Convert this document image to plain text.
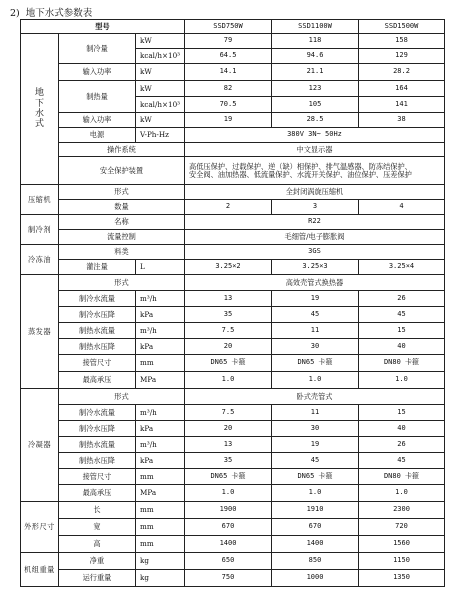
2) 地下水式参数表
型号			SSD750W	SSD1100W	SSD1500W
地下水式	制冷量	kW	79	118	158
		kcal/h×10³	64.5	94.6	129
	输入功率	kW	14.1	21.1	28.2
	制热量	kW	82	123	164
		kcal/h×10³	70.5	105	141
	输入功率	kW	19	28.5	38
	电源	V-Ph-Hz	380V 3N~ 50Hz		
	操作系统		中文显示器		
	安全保护装置		高低压保护、过载保护、逆（缺）相保护、排气温感器、防冻结保护、
安全阀、油加热器、低流量保护、水流开关保护、油位保护、压差保护		

压缩机	形式		全封闭涡旋压缩机		
	数量		2	3	4
制冷剂	名称		R22		
	流量控制		毛细管/电子膨胀阀		
冷冻油	料类		3GS		
	灌注量	L	3.25×2	3.25×3	3.25×4
蒸发器	形式		高效壳管式换热器		
	制冷水流量	m³/h	13	19	26
	制冷水压降	kPa	35	45	45
	制热水流量	m³/h	7.5	11	15
	制热水压降	kPa	20	30	40
	接管尺寸	mm	DN65 卡箍	DN65 卡箍	DN80 卡箍
	最高承压	MPa	1.0	1.0	1.0
冷凝器	形式		卧式壳管式		
	制冷水流量	m³/h	7.5	11	15
	制冷水压降	kPa	20	30	40
	制热水流量	m³/h	13	19	26
	制热水压降	kPa	35	45	45
	接管尺寸	mm	DN65 卡箍	DN65 卡箍	DN80 卡箍
	最高承压	MPa	1.0	1.0	1.0
外形尺寸	长	mm	1900	1910	2300
	宽	mm	670	670	720
	高	mm	1400	1400	1560
机组重量	净重	kg	650	850	1150
	运行重量	kg	750	1000	1350
